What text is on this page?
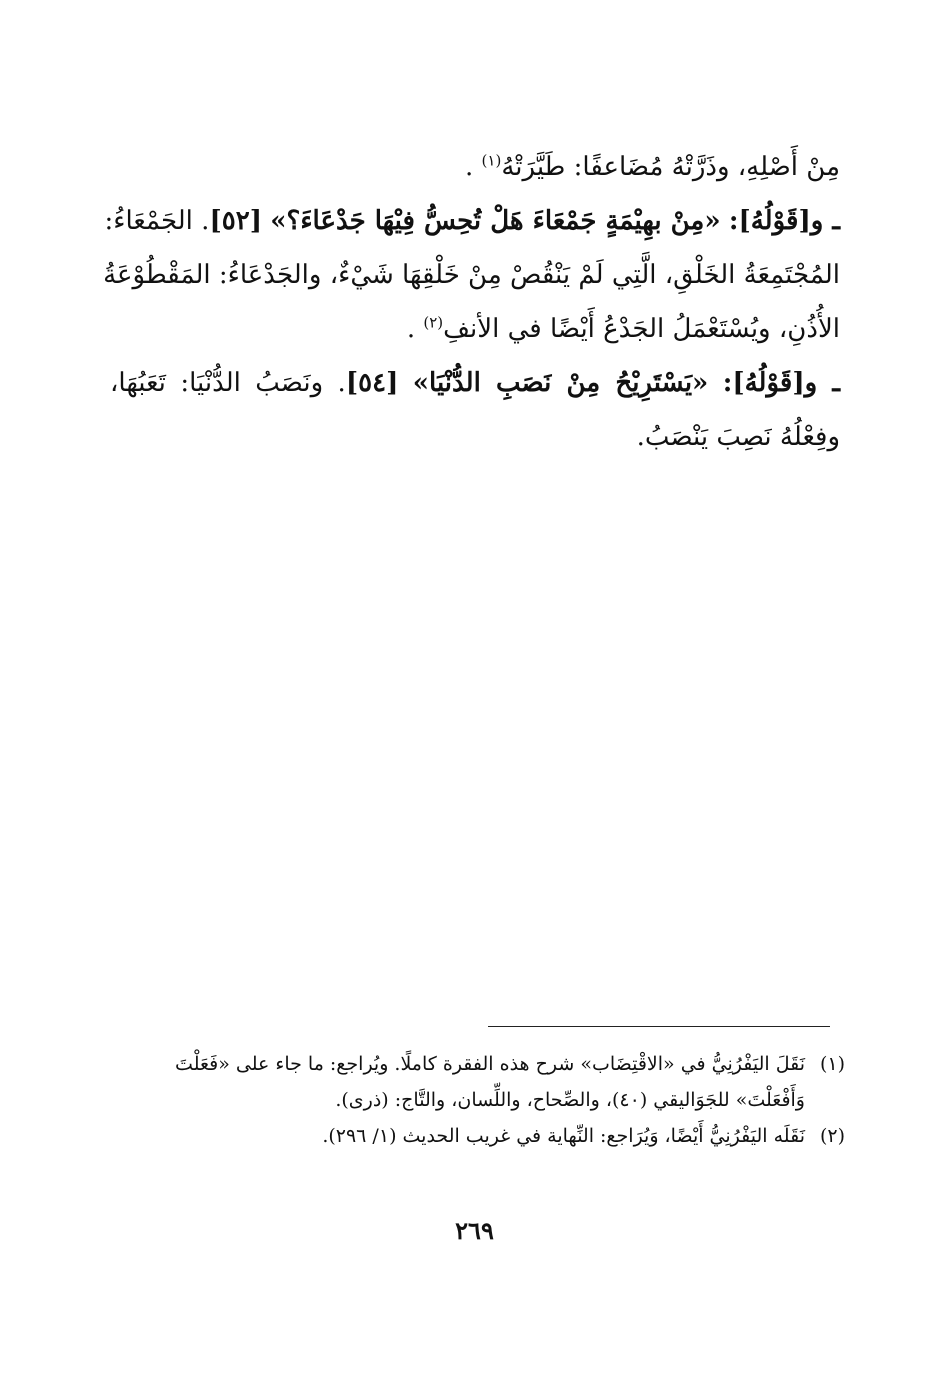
مِنْ أَصْلِهِ، وذَرَّتْهُ مُضَاعفًا: طَيَّرَتْهُ$^{(١)}$ .
ـ و[قَوْلُهُ]: «مِنْ بهِيْمَةٍ جَمْعَاءَ هَلْ تُحِسُّ فِيْهَا جَدْعَاءَ؟» [٥٢]. الجَمْعَاءُ:
المُجْتَمِعَةُ الخَلْقِ، الَّتِي لَمْ يَنْقُصْ مِنْ خَلْقِهَا شَيْءٌ، والجَدْعَاءُ: المَقْطُوْعَةُ
الأُذُنِ، ويُسْتَعْمَلُ الجَدْعُ أَيْضًا في الأنفِ$^{(٢)}$ .
ـ و[قَوْلُهُ]: «يَسْتَرِيْحُ مِنْ نَصَبِ الدُّنْيَا» [٥٤]. ونَصَبُ الدُّنْيَا: تَعَبُهَا،
وفِعْلُهُ نَصِبَ يَنْصَبُ.
(١)نَقَلَ اليَفْرُنِيُّ في «الاقْتِضَاب» شرح هذه الفقرة كاملًا. ويُراجع: ما جاء على «فَعَلْتَ
وَأَفْعَلْتَ» للجَوَاليقي (٤٠)، والصِّحاح، واللِّسان، والتَّاج: (ذرى).
(٢)نَقَلَه اليَفْرُنِيُّ أَيْضًا، وَيُرَاجع: النِّهاية في غريب الحديث (١/ ٢٩٦).
٢٦٩
